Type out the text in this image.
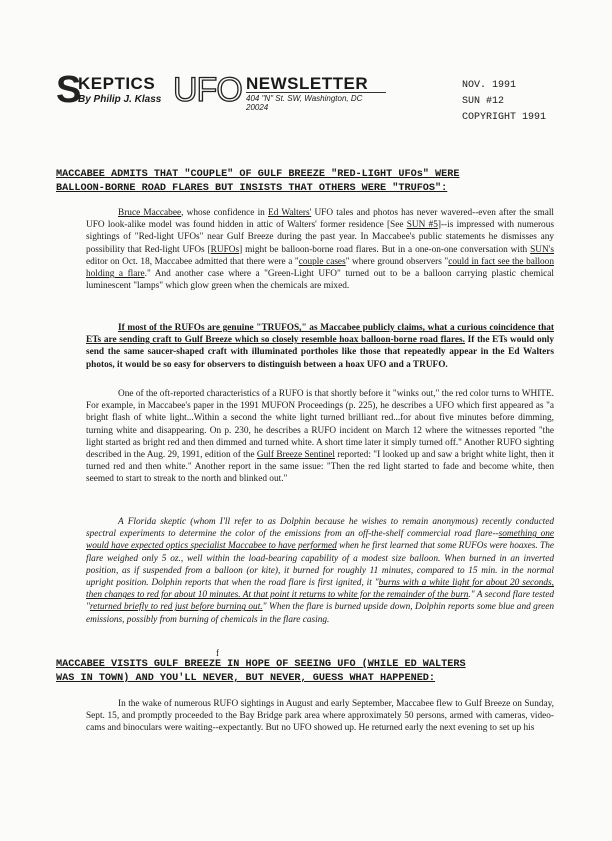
S
KEPTICS
By Philip J. Klass UFO NEWSLETTER
404 "N" St. SW, Washington, DC 20024
NOV. 1991
SUN #12
COPYRIGHT 1991
MACCABEE ADMITS THAT "COUPLE" OF GULF BREEZE "RED-LIGHT UFOs" WERE
BALLOON-BORNE ROAD FLARES BUT INSISTS THAT OTHERS WERE "TRUFOS":
Bruce Maccabee, whose confidence in Ed Walters' UFO tales and photos has never wavered--even after the small UFO look-alike model was found hidden in attic of Walters' former residence [See SUN #5]--is impressed with numerous sightings of "Red-light UFOs" near Gulf Breeze during the past year. In Maccabee's public statements he dismisses any possibility that Red-light UFOs [RUFOs] might be balloon-borne road flares. But in a one-on-one conversation with SUN's editor on Oct. 18, Maccabee admitted that there were a "couple cases" where ground observers "could in fact see the balloon holding a flare." And another case where a "Green-Light UFO" turned out to be a balloon carrying plastic chemical luminescent "lamps" which glow green when the chemicals are mixed.
If most of the RUFOs are genuine "TRUFOS," as Maccabee publicly claims, what a curious coincidence that ETs are sending craft to Gulf Breeze which so closely resemble hoax balloon-borne road flares. If the ETs would only send the same saucer-shaped craft with illuminated portholes like those that repeatedly appear in the Ed Walters photos, it would be so easy for observers to distinguish between a hoax UFO and a TRUFO.
One of the oft-reported characteristics of a RUFO is that shortly before it "winks out," the red color turns to WHITE. For example, in Maccabee's paper in the 1991 MUFON Proceedings (p. 225), he describes a UFO which first appeared as "a bright flash of white light...Within a second the white light turned brilliant red...for about five minutes before dimming, turning white and disappearing. On p. 230, he describes a RUFO incident on March 12 where the witnesses reported "the light started as bright red and then dimmed and turned white. A short time later it simply turned off." Another RUFO sighting described in the Aug. 29, 1991, edition of the Gulf Breeze Sentinel reported: "I looked up and saw a bright white light, then it turned red and then white." Another report in the same issue: "Then the red light started to fade and become white, then seemed to start to streak to the north and blinked out."
A Florida skeptic (whom I'll refer to as Dolphin because he wishes to remain anonymous) recently conducted spectral experiments to determine the color of the emissions from an off-the-shelf commercial road flare--something one would have expected optics specialist Maccabee to have performed when he first learned that some RUFOs were hoaxes. The flare weighed only 5 oz., well within the load-bearing capability of a modest size balloon. When burned in an inverted position, as if suspended from a balloon (or kite), it burned for roughly 11 minutes, compared to 15 min. in the normal upright position. Dolphin reports that when the road flare is first ignited, it "burns with a white light for about 20 seconds, then changes to red for about 10 minutes. At that point it returns to white for the remainder of the burn." A second flare tested "returned briefly to red just before burning out." When the flare is burned upside down, Dolphin reports some blue and green emissions, possibly from burning of chemicals in the flare casing.
f
MACCABEE VISITS GULF BREEZE IN HOPE OF SEEING UFO (WHILE ED WALTERS
WAS IN TOWN) AND YOU'LL NEVER, BUT NEVER, GUESS WHAT HAPPENED:
In the wake of numerous RUFO sightings in August and early September, Maccabee flew to Gulf Breeze on Sunday, Sept. 15, and promptly proceeded to the Bay Bridge park area where approximately 50 persons, armed with cameras, video-cams and binoculars were waiting--expectantly. But no UFO showed up. He returned early the next evening to set up his
